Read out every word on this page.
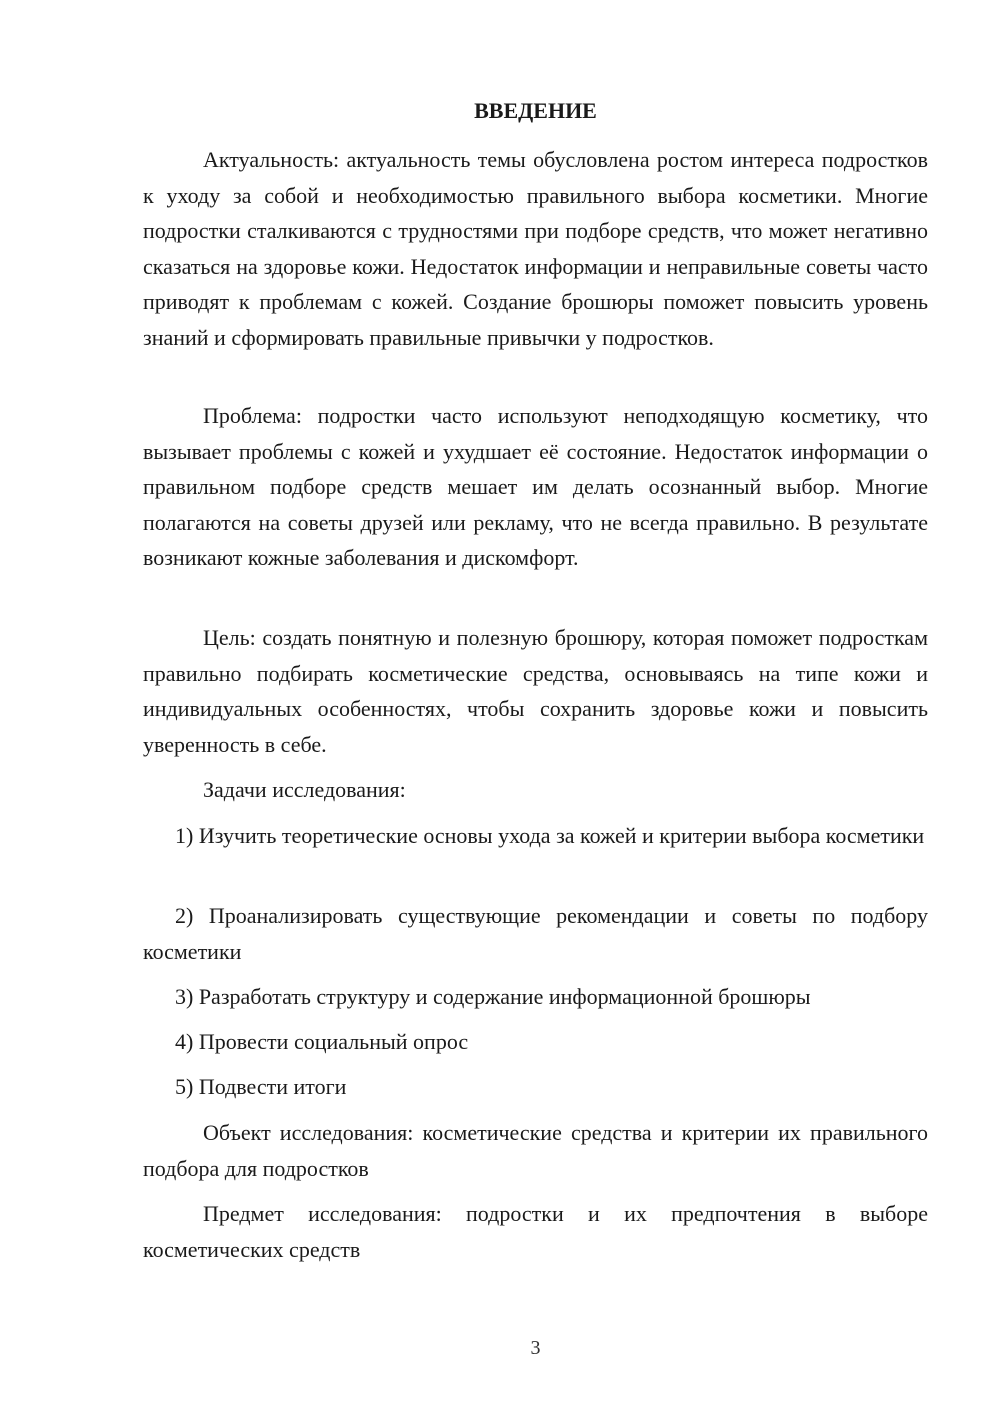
ВВЕДЕНИЕ

Актуальность: актуальность темы обусловлена ростом интереса подростков к уходу за собой и необходимостью правильного выбора косметики. Многие подростки сталкиваются с трудностями при подборе средств, что может негативно сказаться на здоровье кожи. Недостаток информации и неправильные советы часто приводят к проблемам с кожей. Создание брошюры поможет повысить уровень знаний и сформировать правильные привычки у подростков.

Проблема: подростки часто используют неподходящую косметику, что вызывает проблемы с кожей и ухудшает её состояние. Недостаток информации о правильном подборе средств мешает им делать осознанный выбор. Многие полагаются на советы друзей или рекламу, что не всегда правильно. В результате возникают кожные заболевания и дискомфорт.

Цель: создать понятную и полезную брошюру, которая поможет подросткам правильно подбирать косметические средства, основываясь на типе кожи и индивидуальных особенностях, чтобы сохранить здоровье кожи и повысить уверенность в себе.

Задачи исследования:

1) Изучить теоретические основы ухода за кожей и критерии выбора косметики

2) Проанализировать существующие рекомендации и советы по подбору косметики

3) Разработать структуру и содержание информационной брошюры

4) Провести социальный опрос

5) Подвести итоги

Объект исследования: косметические средства и критерии их правильного подбора для подростков

Предмет исследования: подростки и их предпочтения в выборе косметических средств

3
